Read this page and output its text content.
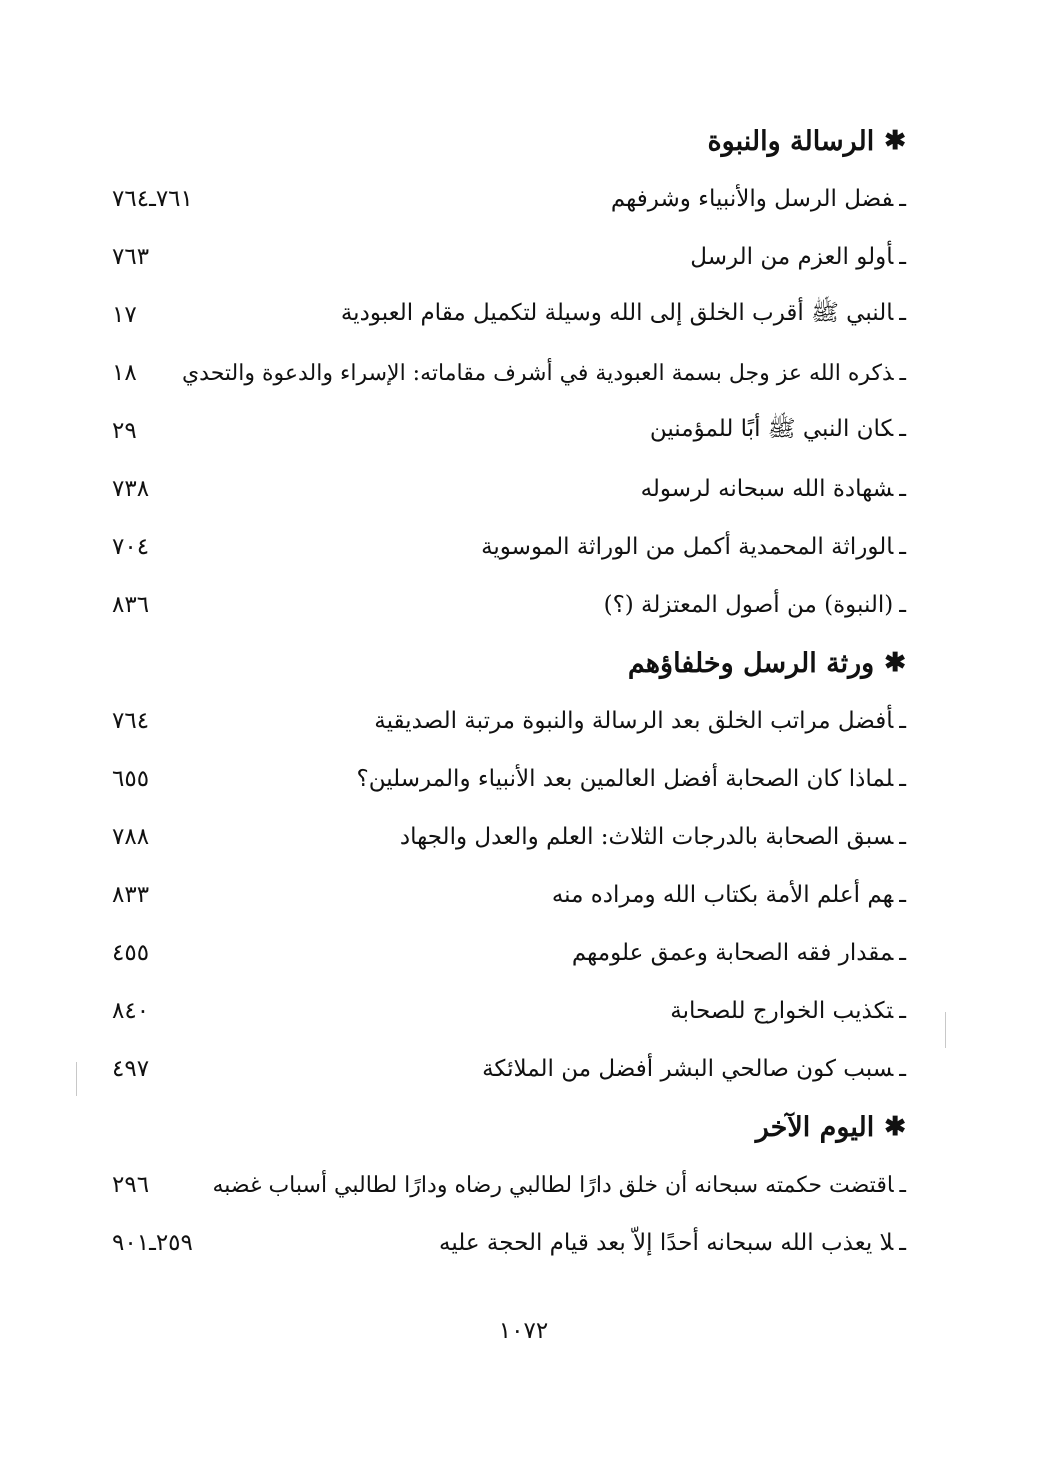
✱
الرسالة والنبوة
ـفضل الرسل والأنبياء وشرفهم
٧٦١ـ٧٦٤
ـأولو العزم من الرسل
٧٦٣
ـالنبي ﷺ أقرب الخلق إلى الله وسيلة لتكميل مقام العبودية
١٧
ـذكره الله عز وجل بسمة العبودية في أشرف مقاماته: الإسراء والدعوة والتحدي
١٨
ـكان النبي ﷺ أبًا للمؤمنين
٢٩
ـشهادة الله سبحانه لرسوله
٧٣٨
ـالوراثة المحمدية أكمل من الوراثة الموسوية
٧٠٤
ـ(النبوة) من أصول المعتزلة (؟)
٨٣٦
✱
ورثة الرسل وخلفاؤهم
ـأفضل مراتب الخلق بعد الرسالة والنبوة مرتبة الصديقية
٧٦٤
ـلماذا كان الصحابة أفضل العالمين بعد الأنبياء والمرسلين؟
٦٥٥
ـسبق الصحابة بالدرجات الثلاث: العلم والعدل والجهاد
٧٨٨
ـهم أعلم الأمة بكتاب الله ومراده منه
٨٣٣
ـمقدار فقه الصحابة وعمق علومهم
٤٥٥
ـتكذيب الخوارج للصحابة
٨٤٠
ـسبب كون صالحي البشر أفضل من الملائكة
٤٩٧
✱
اليوم الآخر
ـاقتضت حكمته سبحانه أن خلق دارًا لطالبي رضاه ودارًا لطالبي أسباب غضبه
٢٩٦
ـلا يعذب الله سبحانه أحدًا إلاّ بعد قيام الحجة عليه
٢٥٩ـ٩٠١
١٠٧٢
